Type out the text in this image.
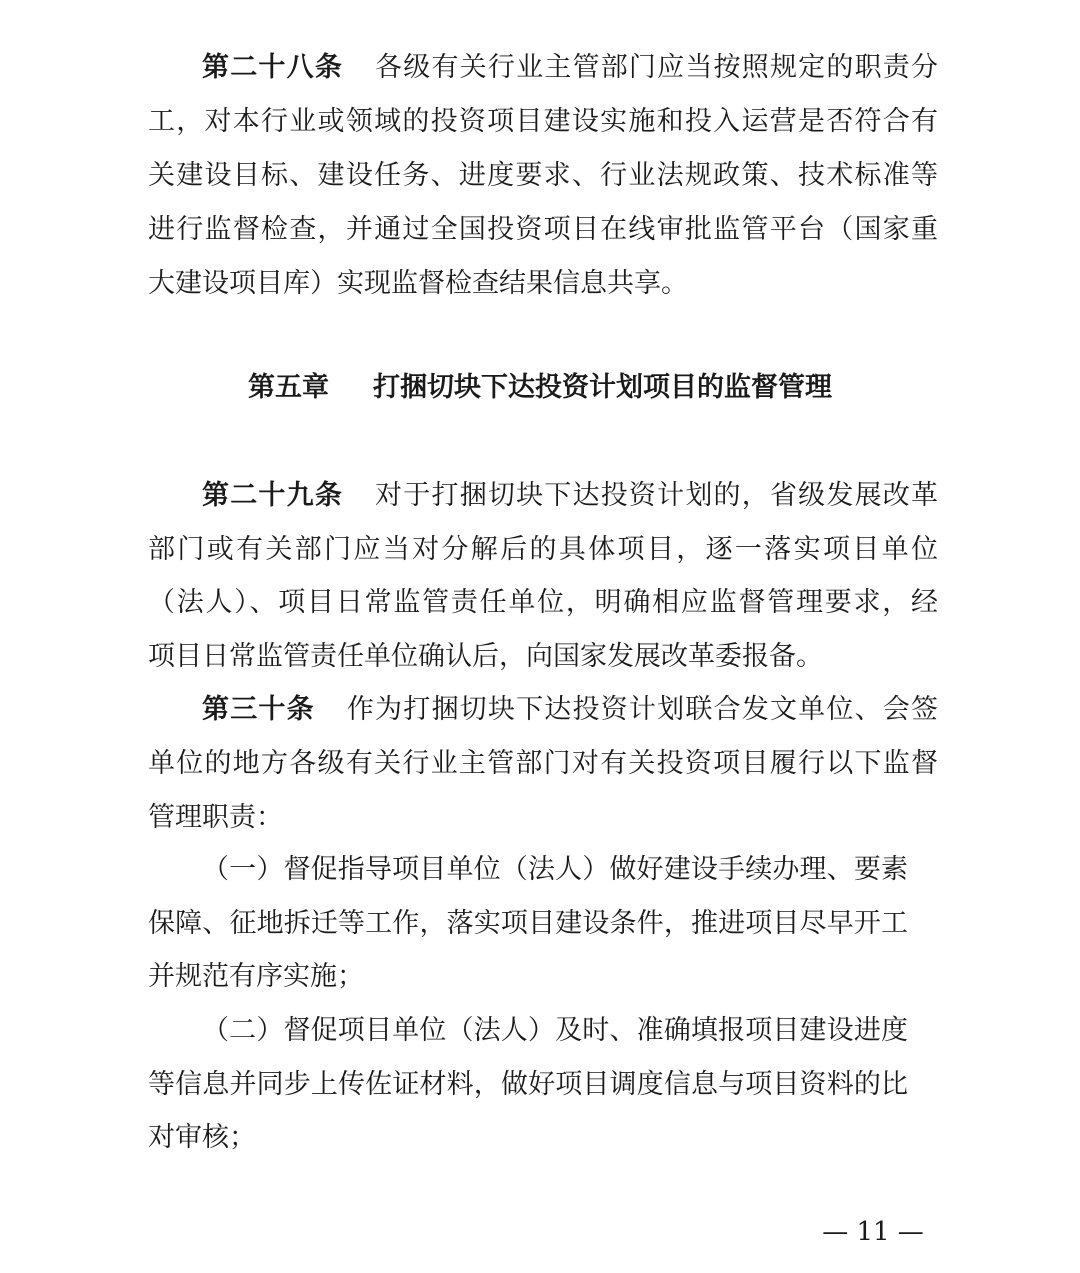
第二十八条 各级有关行业主管部门应当按照规定的职责分
工，对本行业或领域的投资项目建设实施和投入运营是否符合有
关建设目标、建设任务、进度要求、行业法规政策、技术标准等
进行监督检查，并通过全国投资项目在线审批监管平台（国家重
大建设项目库）实现监督检查结果信息共享。
第五章 打捆切块下达投资计划项目的监督管理
第二十九条 对于打捆切块下达投资计划的，省级发展改革
部门或有关部门应当对分解后的具体项目，逐一落实项目单位
（法人）、项目日常监管责任单位，明确相应监督管理要求，经
项目日常监管责任单位确认后，向国家发展改革委报备。
第三十条 作为打捆切块下达投资计划联合发文单位、会签
单位的地方各级有关行业主管部门对有关投资项目履行以下监督
管理职责：
（一）督促指导项目单位（法人）做好建设手续办理、要素
保障、征地拆迁等工作，落实项目建设条件，推进项目尽早开工
并规范有序实施；
（二）督促项目单位（法人）及时、准确填报项目建设进度
等信息并同步上传佐证材料，做好项目调度信息与项目资料的比
对审核；
— 11 —
